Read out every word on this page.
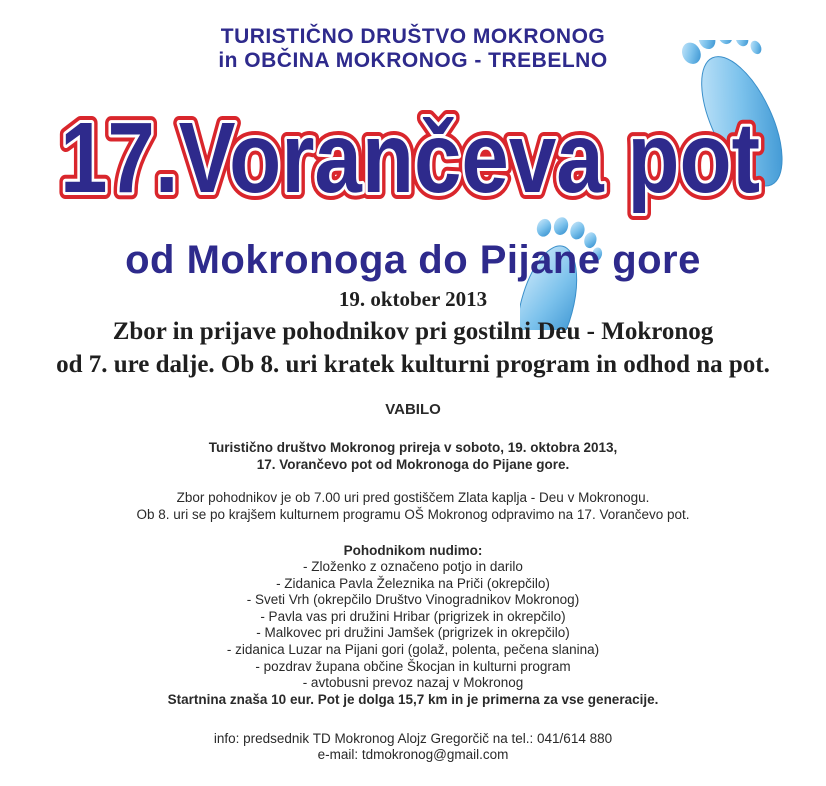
TURISTIČNO DRUŠTVO MOKRONOG
in OBČINA MOKRONOG - TREBELNO
17.Vorančeva pot
17.Vorančeva pot
17.Vorančeva pot
od Mokronoga do Pijane gore
19. oktober 2013
Zbor in prijave pohodnikov pri gostilni Deu - Mokronog
od 7. ure dalje. Ob 8. uri kratek kulturni program in odhod na pot.
VABILO
Turistično društvo Mokronog prireja v soboto, 19. oktobra 2013,
17. Vorančevo pot od Mokronoga do Pijane gore.
Zbor pohodnikov je ob 7.00 uri pred gostiščem Zlata kaplja - Deu v Mokronogu.
Ob 8. uri se po krajšem kulturnem programu OŠ Mokronog odpravimo na 17. Vorančevo pot.
Pohodnikom nudimo:
- Zloženko z označeno potjo in darilo
- Zidanica Pavla Železnika na Priči (okrepčilo)
- Sveti Vrh (okrepčilo Društvo Vinogradnikov Mokronog)
- Pavla vas pri družini Hribar (prigrizek in okrepčilo)
- Malkovec pri družini Jamšek (prigrizek in okrepčilo)
- zidanica Luzar na Pijani gori (golaž, polenta, pečena slanina)
- pozdrav župana občine Škocjan in kulturni program
- avtobusni prevoz nazaj v Mokronog
Startnina znaša 10 eur. Pot je dolga 15,7 km in je primerna za vse generacije.
info: predsednik TD Mokronog Alojz Gregorčič na tel.: 041/614 880
e-mail: tdmokronog@gmail.com
